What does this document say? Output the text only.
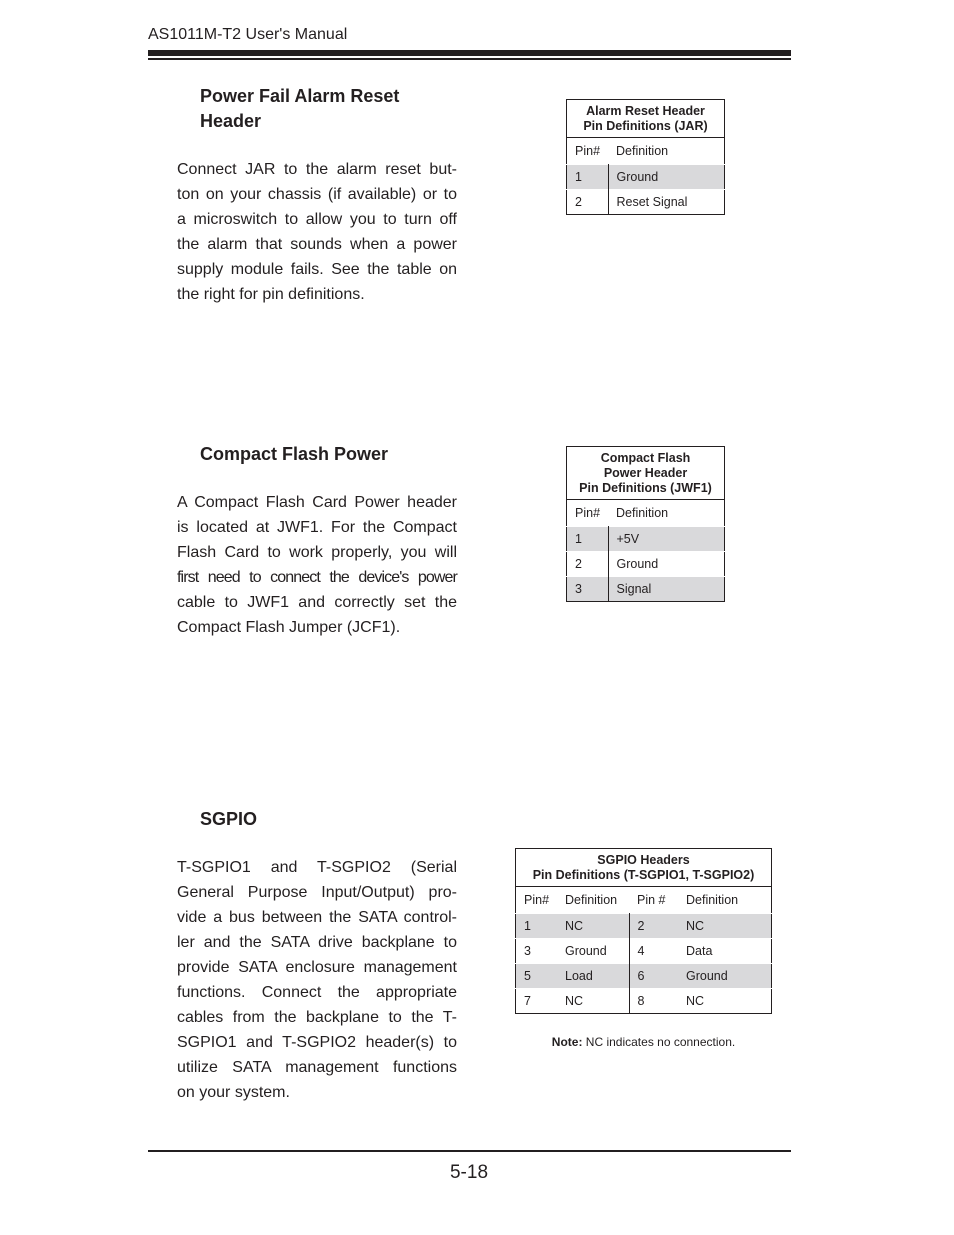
AS1011M-T2 User's Manual
Power Fail Alarm Reset
Header
Connect JAR to the alarm reset but-
ton on your chassis (if available) or to
a microswitch to allow you to turn off
the alarm that sounds when a power
supply module fails. See the table on
the right for pin definitions.
Alarm Reset Header
Pin Definitions (JAR)	
Pin#	Definition
1	Ground
2	Reset Signal
Compact Flash Power
A Compact Flash Card Power header
is located at JWF1. For the Compact
Flash Card to work properly, you will
first need to connect the device's power
cable to JWF1 and correctly set the
Compact Flash Jumper (JCF1).
Compact Flash
Power Header
Pin Definitions (JWF1)	
Pin#	Definition
1	+5V
2	Ground
3	Signal
SGPIO
T-SGPIO1 and T-SGPIO2 (Serial
General Purpose Input/Output) pro-
vide a bus between the SATA control-
ler and the SATA drive backplane to
provide SATA enclosure management
functions. Connect the appropriate
cables from the backplane to the T-
SGPIO1 and T-SGPIO2 header(s) to
utilize SATA management functions
on your system.
SGPIO Headers
Pin Definitions (T-SGPIO1, T-SGPIO2)			
Pin#	Definition	Pin #	Definition
1	NC	2	NC
3	Ground	4	Data
5	Load	6	Ground
7	NC	8	NC
Note: NC indicates no connection.
5-18
